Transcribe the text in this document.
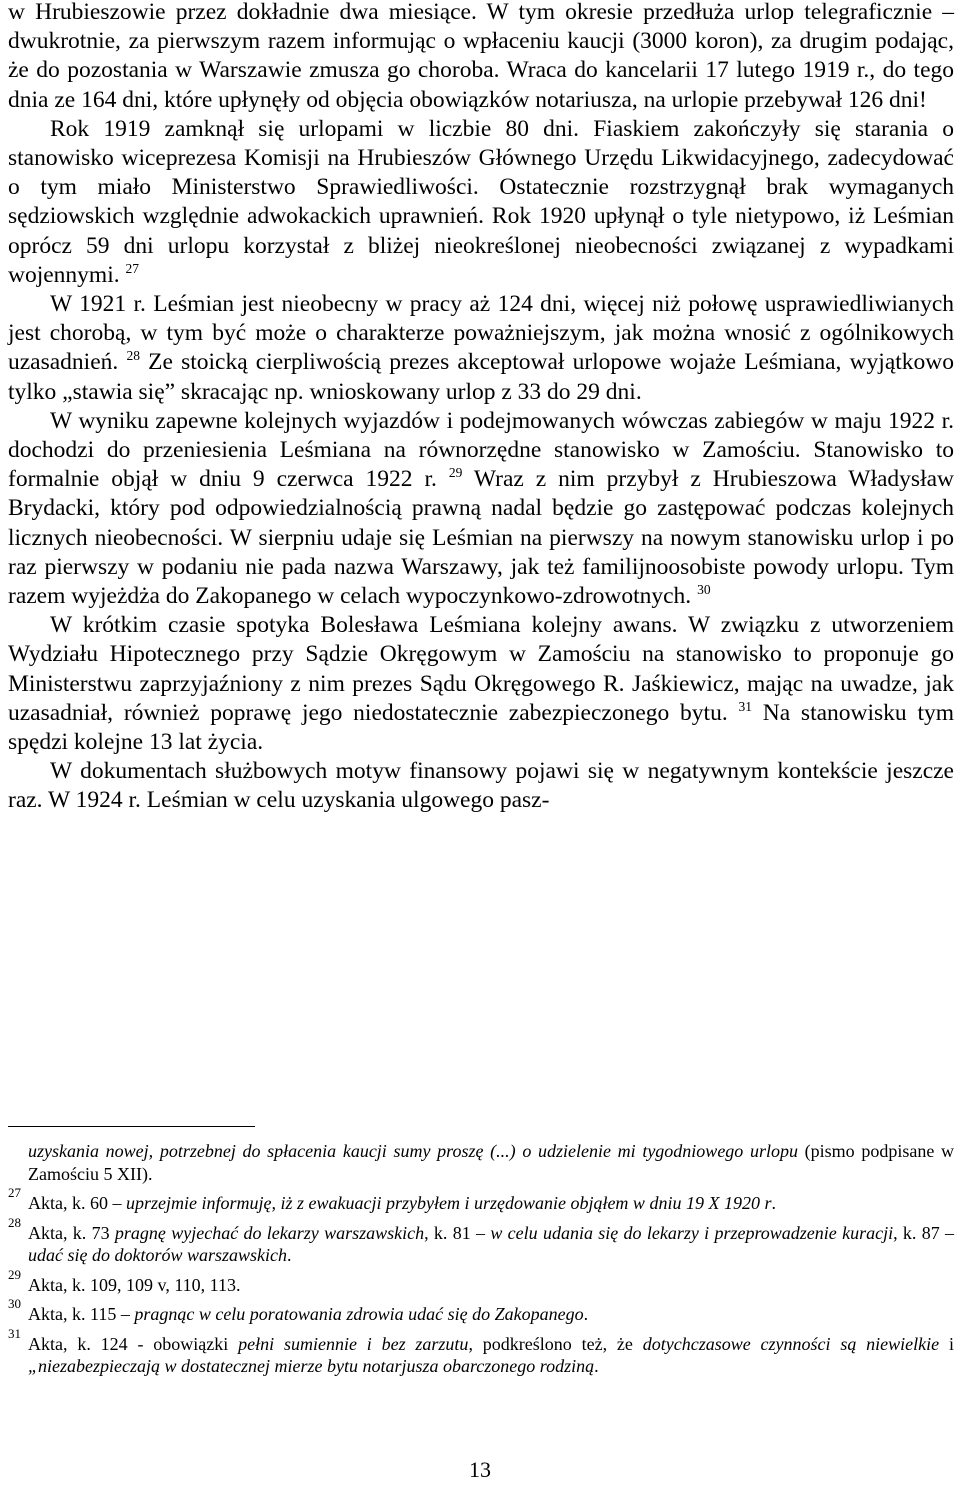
w Hrubieszowie przez dokładnie dwa miesiące. W tym okresie przedłuża urlop telegraficznie – dwukrotnie, za pierwszym razem informując o wpłaceniu kaucji (3000 koron), za drugim podając, że do pozostania w Warszawie zmusza go choroba. Wraca do kancelarii 17 lutego 1919 r., do tego dnia ze 164 dni, które upłynęły od objęcia obowiązków notariusza, na urlopie przebywał 126 dni!

Rok 1919 zamknął się urlopami w liczbie 80 dni. Fiaskiem zakończyły się starania o stanowisko wiceprezesa Komisji na Hrubieszów Głównego Urzędu Likwidacyjnego, zadecydować o tym miało Ministerstwo Sprawiedliwości. Ostatecznie rozstrzygnął brak wymaganych sędziowskich względnie adwokackich uprawnień. Rok 1920 upłynął o tyle nietypowo, iż Leśmian oprócz 59 dni urlopu korzystał z bliżej nieokreślonej nieobecności związanej z wypadkami wojennymi. $^{27}$

W 1921 r. Leśmian jest nieobecny w pracy aż 124 dni, więcej niż połowę usprawiedliwianych jest chorobą, w tym być może o charakterze poważniejszym, jak można wnosić z ogólnikowych uzasadnień. $^{28}$ Ze stoicką cierpliwością prezes akceptował urlopowe wojaże Leśmiana, wyjątkowo tylko „stawia się” skracając np. wnioskowany urlop z 33 do 29 dni.

W wyniku zapewne kolejnych wyjazdów i podejmowanych wówczas zabiegów w maju 1922 r. dochodzi do przeniesienia Leśmiana na równorzędne stanowisko w Zamościu. Stanowisko to formalnie objął w dniu 9 czerwca 1922 r. $^{29}$ Wraz z nim przybył z Hrubieszowa Władysław Brydacki, który pod odpowiedzialnością prawną nadal będzie go zastępować podczas kolejnych licznych nieobecności. W sierpniu udaje się Leśmian na pierwszy na nowym stanowisku urlop i po raz pierwszy w podaniu nie pada nazwa Warszawy, jak też familijnoosobiste powody urlopu. Tym razem wyjeżdża do Zakopanego w celach wypoczynkowo-zdrowotnych. $^{30}$

W krótkim czasie spotyka Bolesława Leśmiana kolejny awans. W związku z utworzeniem Wydziału Hipotecznego przy Sądzie Okręgowym w Zamościu na stanowisko to proponuje go Ministerstwu zaprzyjaźniony z nim prezes Sądu Okręgowego R. Jaśkiewicz, mając na uwadze, jak uzasadniał, również poprawę jego niedostatecznie zabezpieczonego bytu. $^{31}$ Na stanowisku tym spędzi kolejne 13 lat życia.

W dokumentach służbowych motyw finansowy pojawi się w negatywnym kontekście jeszcze raz. W 1924 r. Leśmian w celu uzyskania ulgowego pasz-

uzyskania nowej, potrzebnej do spłacenia kaucji sumy proszę (...) o udzielenie mi tygodniowego urlopu (pismo podpisane w Zamościu 5 XII).

27
Akta, k. 60 – uprzejmie informuję, iż z ewakuacji przybyłem i urzędowanie objąłem w dniu 19 X 1920 r.

28
Akta, k. 73 pragnę wyjechać do lekarzy warszawskich, k. 81 – w celu udania się do lekarzy i przeprowadzenie kuracji, k. 87 – udać się do doktorów warszawskich.

29
Akta, k. 109, 109 v, 110, 113.

30
Akta, k. 115 – pragnąc w celu poratowania zdrowia udać się do Zakopanego.

31
Akta, k. 124 - obowiązki pełni sumiennie i bez zarzutu, podkreślono też, że dotychczasowe czynności są niewielkie i „niezabezpieczają w dostatecznej mierze bytu notarjusza obarczonego rodziną.

13
